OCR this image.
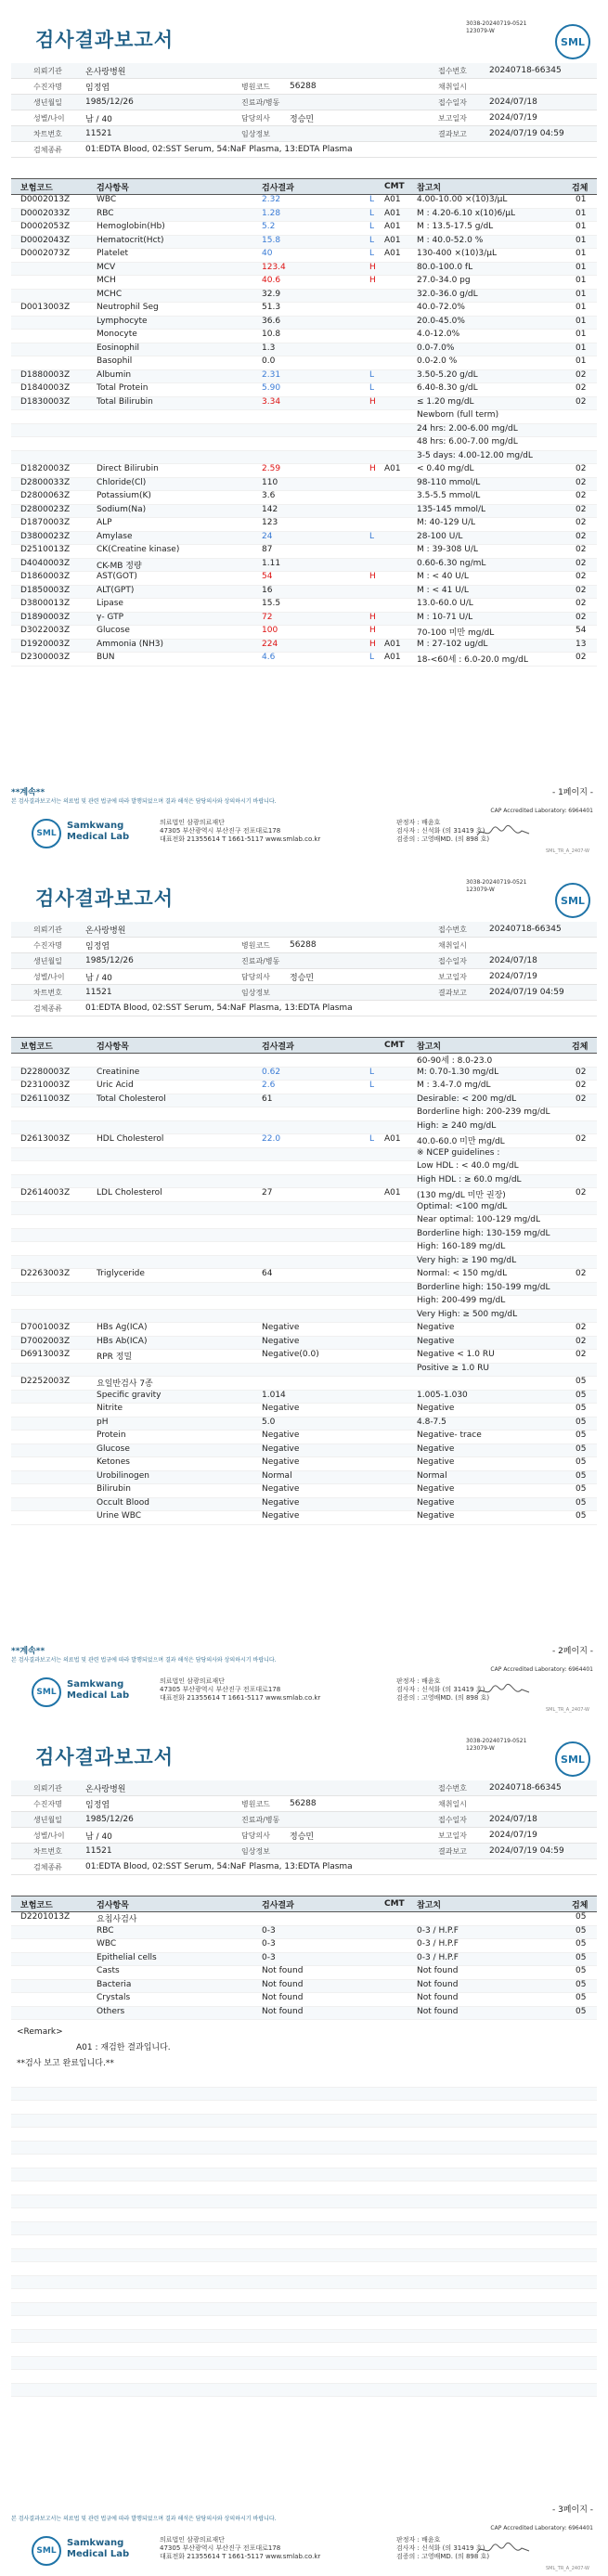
검사결과보고서
3038-20240719-0521
123079-W
SML
의뢰기관	온사랑병원	접수번호	20240718-66345
수진자명	임정엽	병원코드 56288	채취일시
생년월일	1985/12/26	진료과/병동	접수일자	2024/07/18
성별/나이 남 / 40	담당의사 정승민	보고일자	2024/07/19
차트번호	11521	임상정보	결과보고	2024/07/19 04:59
검체종류	01:EDTA Blood, 02:SST Serum, 54:NaF Plasma, 13:EDTA Plasma
보험코드	검사항목	검사결과	CMT 참고치	검체
D0002013Z	WBC	2.32	L A01 4.00-10.00 ×(10)3/μL	01
D0002033Z	RBC	1.28	L A01 M : 4.20-6.10 x(10)6/μL	01
D0002053Z	Hemoglobin(Hb)	5.2	L A01 M : 13.5-17.5 g/dL	01
D0002043Z	Hematocrit(Hct)	15.8	L A01 M : 40.0-52.0 %	01
D0002073Z	Platelet	40	L A01 130-400 ×(10)3/μL	01
MCV	123.4	H	80.0-100.0 fL	01
MCH	40.6	H	27.0-34.0 pg	01
MCHC	32.9	32.0-36.0 g/dL	01
D0013003Z	Neutrophil Seg	51.3	40.0-72.0%	01
Lymphocyte	36.6	20.0-45.0%	01
Monocyte	10.8	4.0-12.0%	01
Eosinophil	1.3	0.0-7.0%	01
Basophil	0.0	0.0-2.0 %	01
D1880003Z	Albumin	2.31	L	3.50-5.20 g/dL	02
D1840003Z	Total Protein	5.90	L	6.40-8.30 g/dL	02
D1830003Z	Total Bilirubin	3.34	H	≤ 1.20 mg/dL	02
Newborn (full term)
24 hrs: 2.00-6.00 mg/dL
48 hrs: 6.00-7.00 mg/dL
3-5 days: 4.00-12.00 mg/dL
D1820003Z	Direct Bilirubin	2.59	H A01 < 0.40 mg/dL	02
D2800033Z	Chloride(Cl)	110	98-110 mmol/L	02
D2800063Z	Potassium(K)	3.6	3.5-5.5 mmol/L	02
D2800023Z	Sodium(Na)	142	135-145 mmol/L	02
D1870003Z	ALP	123	M: 40-129 U/L	02
D3800023Z	Amylase	24	L	28-100 U/L	02
D2510013Z	CK(Creatine kinase)	87	M : 39-308 U/L	02
D4040003Z	CK-MB 정량	1.11	0.60-6.30 ng/mL	02
D1860003Z	AST(GOT)	54	H	M : < 40 U/L	02
D1850003Z	ALT(GPT)	16	M : < 41 U/L	02
D3800013Z	Lipase	15.5	13.0-60.0 U/L	02
D1890003Z	γ- GTP	72	H	M : 10-71 U/L	02
D3022003Z	Glucose	100	H	70-100 미만 mg/dL	54
D1920003Z	Ammonia (NH3)	224	H A01 M : 27-102 ug/dL	13
D2300003Z	BUN	4.6	L A01 18-<60세 : 6.0-20.0 mg/dL	02
**계속**	- 1페이지 -
본 검사결과보고서는 의료법 및 관련 법규에 따라 발행되었으며 결과 해석은 담당의사와 상의하시기 바랍니다.
CAP Accredited Laboratory: 6964401
SML
Samkwang
Medical Lab
의료법인 삼광의료재단
47305 부산광역시 부산진구 전포대로178
대표전화 21355614 T 1661-5117 www.smlab.co.kr
판정자 : 배윤호
검사자 : 신석화 (의 31419 호)
검증의 : 고영배MD. (의 898 호)
SML_TR_A_2407-W
검사결과보고서
3038-20240719-0521
123079-W
SML
의뢰기관	온사랑병원	접수번호	20240718-66345
수진자명	임정엽	병원코드 56288	채취일시
생년월일	1985/12/26	진료과/병동	접수일자	2024/07/18
성별/나이 남 / 40	담당의사 정승민	보고일자	2024/07/19
차트번호	11521	임상정보	결과보고	2024/07/19 04:59
검체종류	01:EDTA Blood, 02:SST Serum, 54:NaF Plasma, 13:EDTA Plasma
보험코드	검사항목	검사결과	CMT 참고치	검체
60-90세 : 8.0-23.0
D2280003Z	Creatinine	0.62	L	M: 0.70-1.30 mg/dL	02
D2310003Z	Uric Acid	2.6	L	M : 3.4-7.0 mg/dL	02
D2611003Z	Total Cholesterol	61	Desirable: < 200 mg/dL	02
Borderline high: 200-239 mg/dL
High: ≥ 240 mg/dL
D2613003Z	HDL Cholesterol	22.0	L A01 40.0-60.0 미만 mg/dL	02
※ NCEP guidelines :
Low HDL : < 40.0 mg/dL
High HDL : ≥ 60.0 mg/dL
D2614003Z	LDL Cholesterol	27	A01 (130 mg/dL 미만 권장)	02
Optimal: <100 mg/dL
Near optimal: 100-129 mg/dL
Borderline high: 130-159 mg/dL
High: 160-189 mg/dL
Very high: ≥ 190 mg/dL
D2263003Z	Triglyceride	64	Normal: < 150 mg/dL	02
Borderline high: 150-199 mg/dL
High: 200-499 mg/dL
Very High: ≥ 500 mg/dL
D7001003Z	HBs Ag(ICA)	Negative	Negative	02
D7002003Z	HBs Ab(ICA)	Negative	Negative	02
D6913003Z	RPR 정밀	Negative(0.0)	Negative < 1.0 RU	02
Positive ≥ 1.0 RU
D2252003Z	요일반검사 7종	05
Specific gravity	1.014	1.005-1.030	05
Nitrite	Negative	Negative	05
pH	5.0	4.8-7.5	05
Protein	Negative	Negative- trace	05
Glucose	Negative	Negative	05
Ketones	Negative	Negative	05
Urobilinogen	Normal	Normal	05
Bilirubin	Negative	Negative	05
Occult Blood	Negative	Negative	05
Urine WBC	Negative	Negative	05
**계속**	- 2페이지 -
본 검사결과보고서는 의료법 및 관련 법규에 따라 발행되었으며 결과 해석은 담당의사와 상의하시기 바랍니다.
CAP Accredited Laboratory: 6964401
SML
Samkwang
Medical Lab
의료법인 삼광의료재단
47305 부산광역시 부산진구 전포대로178
대표전화 21355614 T 1661-5117 www.smlab.co.kr
판정자 : 배윤호
검사자 : 신석화 (의 31419 호)
검증의 : 고영배MD. (의 898 호)
SML_TR_A_2407-W
검사결과보고서
3038-20240719-0521
123079-W
SML
의뢰기관	온사랑병원	접수번호	20240718-66345
수진자명	임정엽	병원코드 56288	채취일시
생년월일	1985/12/26	진료과/병동	접수일자	2024/07/18
성별/나이 남 / 40	담당의사 정승민	보고일자	2024/07/19
차트번호	11521	임상정보	결과보고	2024/07/19 04:59
검체종류	01:EDTA Blood, 02:SST Serum, 54:NaF Plasma, 13:EDTA Plasma
보험코드	검사항목	검사결과	CMT 참고치	검체
D2201013Z	요침사검사	05
RBC	0-3	0-3 / H.P.F	05
WBC	0-3	0-3 / H.P.F	05
Epithelial cells	0-3	0-3 / H.P.F	05
Casts	Not found	Not found	05
Bacteria	Not found	Not found	05
Crystals	Not found	Not found	05
Others	Not found	Not found	05
<Remark>
A01 : 재검한 결과입니다.
**검사 보고 완료입니다.**
- 3페이지 -
본 검사결과보고서는 의료법 및 관련 법규에 따라 발행되었으며 결과 해석은 담당의사와 상의하시기 바랍니다.
CAP Accredited Laboratory: 6964401
SML
Samkwang
Medical Lab
의료법인 삼광의료재단
47305 부산광역시 부산진구 전포대로178
대표전화 21355614 T 1661-5117 www.smlab.co.kr
판정자 : 배윤호
검사자 : 신석화 (의 31419 호)
검증의 : 고영배MD. (의 898 호)
SML_TR_A_2407-W
